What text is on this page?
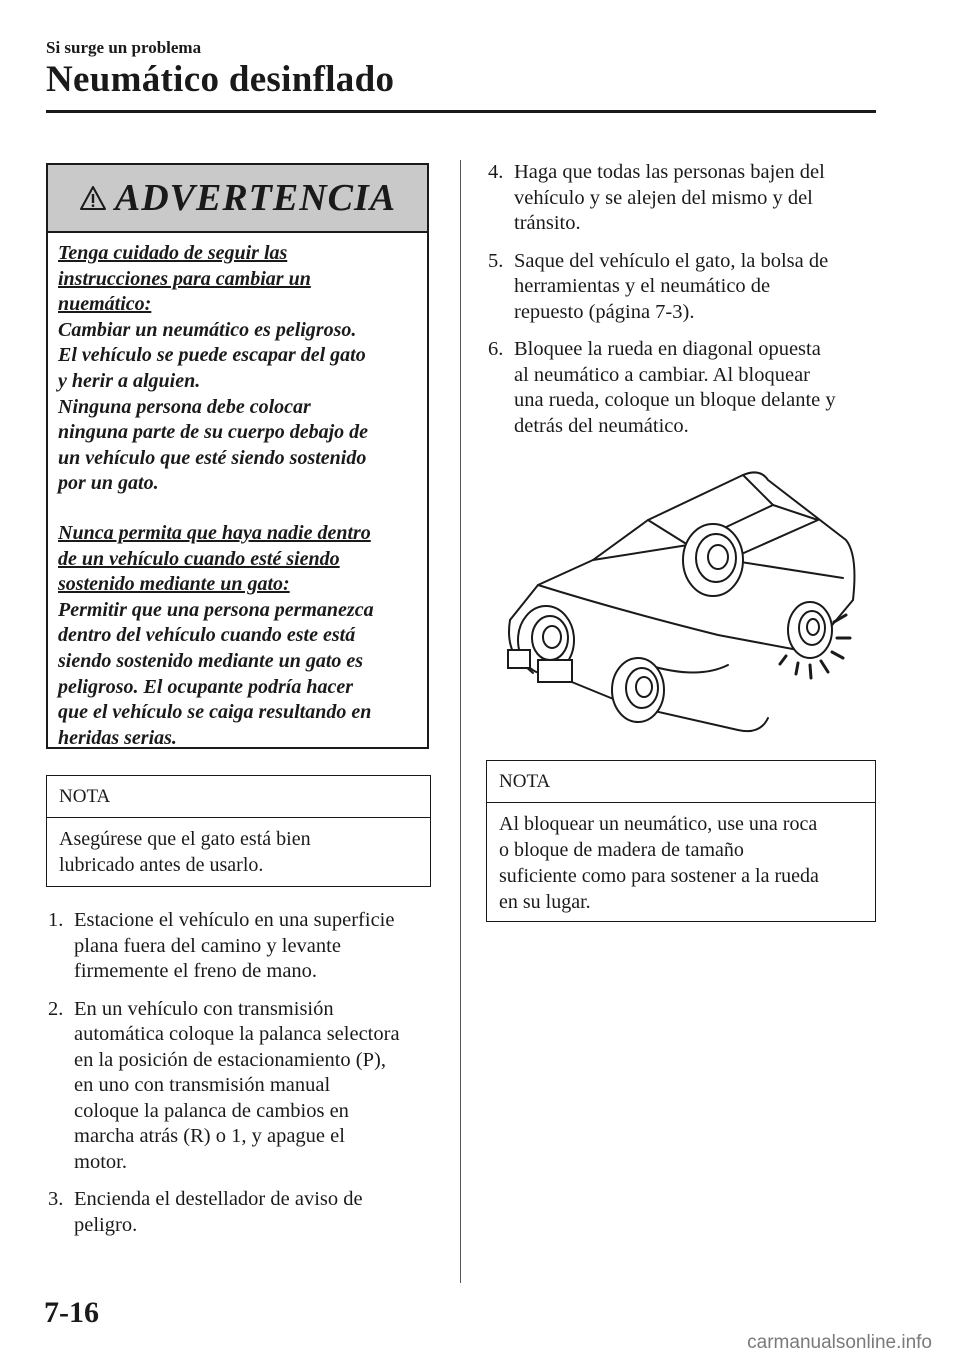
Si surge un problema
Neumático desinflado
ADVERTENCIA
Tenga cuidado de seguir las
instrucciones para cambiar un
nuemático:
Cambiar un neumático es peligroso.
El vehículo se puede escapar del gato
y herir a alguien.
Ninguna persona debe colocar
ninguna parte de su cuerpo debajo de
un vehículo que esté siendo sostenido
por un gato.
Nunca permita que haya nadie dentro
de un vehículo cuando esté siendo
sostenido mediante un gato:
Permitir que una persona permanezca
dentro del vehículo cuando este está
siendo sostenido mediante un gato es
peligroso. El ocupante podría hacer
que el vehículo se caiga resultando en
heridas serias.
NOTA
Asegúrese que el gato está bien
lubricado antes de usarlo.
1. Estacione el vehículo en una superficie
plana fuera del camino y levante
firmemente el freno de mano.
2. En un vehículo con transmisión
automática coloque la palanca selectora
en la posición de estacionamiento (P),
en uno con transmisión manual
coloque la palanca de cambios en
marcha atrás (R) o 1, y apague el
motor.
3. Encienda el destellador de aviso de
peligro.
4. Haga que todas las personas bajen del
vehículo y se alejen del mismo y del
tránsito.
5. Saque del vehículo el gato, la bolsa de
herramientas y el neumático de
repuesto (página 7-3).
6. Bloquee la rueda en diagonal opuesta
al neumático a cambiar. Al bloquear
una rueda, coloque un bloque delante y
detrás del neumático.
NOTA
Al bloquear un neumático, use una roca
o bloque de madera de tamaño
suficiente como para sostener a la rueda
en su lugar.
7-16
carmanualsonline.info
